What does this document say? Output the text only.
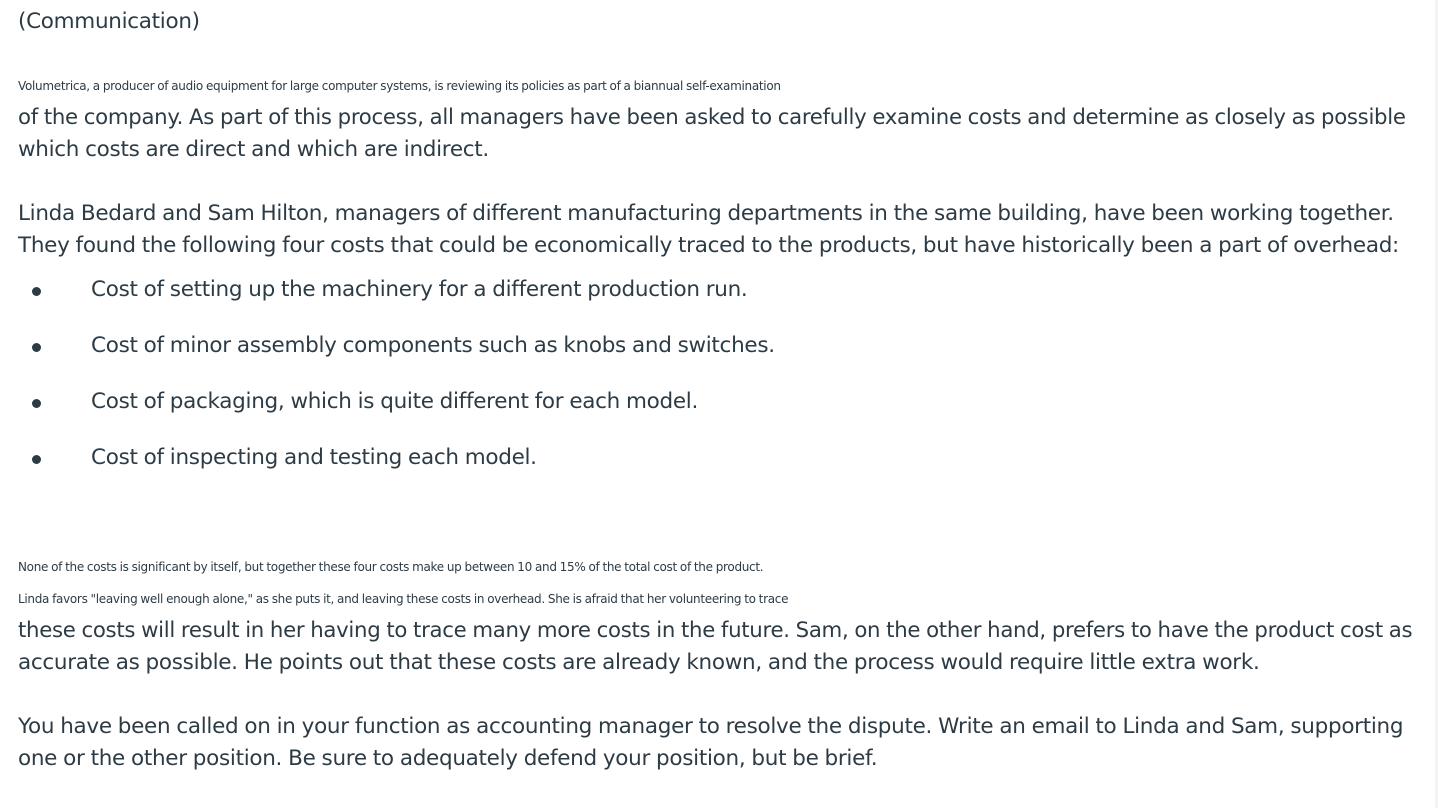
(Communication)

Volumetrica, a producer of audio equipment for large computer systems, is reviewing its policies as part of a biannual self-examination
of the company. As part of this process, all managers have been asked to carefully examine costs and determine as closely as possible
which costs are direct and which are indirect.

Linda Bedard and Sam Hilton, managers of different manufacturing departments in the same building, have been working together.
They found the following four costs that could be economically traced to the products, but have historically been a part of overhead:

Cost of setting up the machinery for a different production run.
Cost of minor assembly components such as knobs and switches.
Cost of packaging, which is quite different for each model.
Cost of inspecting and testing each model.

None of the costs is significant by itself, but together these four costs make up between 10 and 15% of the total cost of the product.
Linda favors "leaving well enough alone," as she puts it, and leaving these costs in overhead. She is afraid that her volunteering to trace
these costs will result in her having to trace many more costs in the future. Sam, on the other hand, prefers to have the product cost as
accurate as possible. He points out that these costs are already known, and the process would require little extra work.

You have been called on in your function as accounting manager to resolve the dispute. Write an email to Linda and Sam, supporting
one or the other position. Be sure to adequately defend your position, but be brief.
